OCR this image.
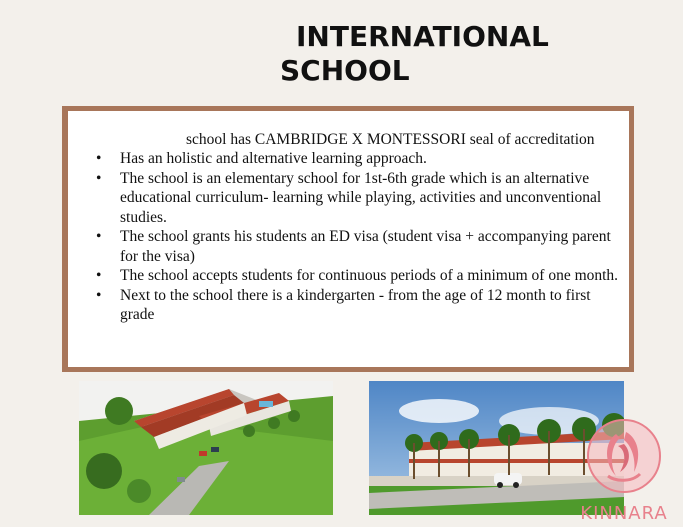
INTERNATIONAL
SCHOOL
school has CAMBRIDGE X MONTESSORI seal of accreditation
• Has an holistic and alternative learning approach.
• The school is an elementary school for 1st-6th grade which is an alternative educational curriculum- learning while playing, activities and unconventional studies.
• The school grants his students an ED visa (student visa + accompanying parent for the visa)
• The school accepts students for continuous periods of a minimum of one month.
• Next to the school there is a kindergarten - from the age of 12 month to first grade
KINNARA
